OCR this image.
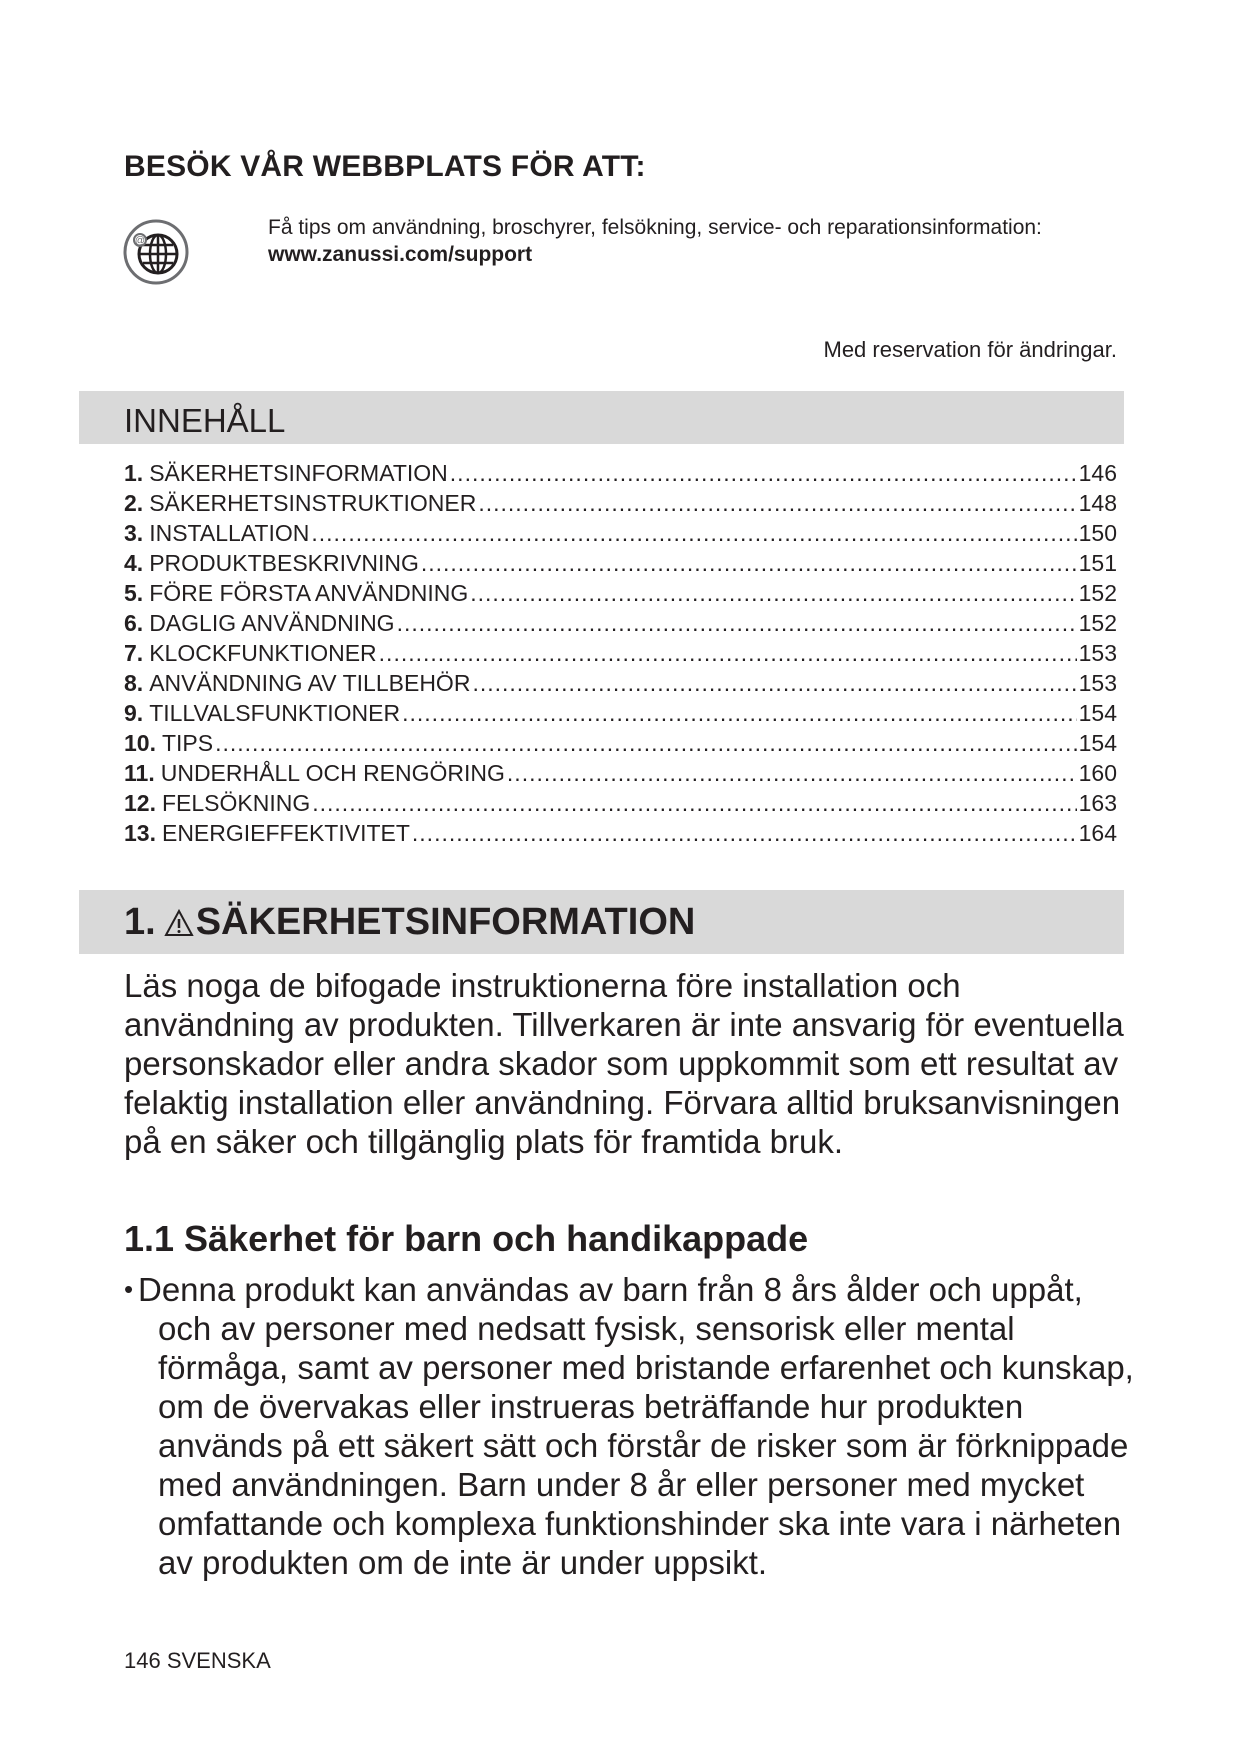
BESÖK VÅR WEBBPLATS FÖR ATT:
@
Få tips om användning, broschyrer, felsökning, service- och reparationsinformation:
www.zanussi.com/support
Med reservation för ändringar.
INNEHÅLL
1. SÄKERHETSINFORMATION .....	146
2. SÄKERHETSINSTRUKTIONER .....	148
3. INSTALLATION .....	150
4. PRODUKTBESKRIVNING .....	151
5. FÖRE FÖRSTA ANVÄNDNING .....	152
6. DAGLIG ANVÄNDNING .....	152
7. KLOCKFUNKTIONER .....	153
8. ANVÄNDNING AV TILLBEHÖR .....	153
9. TILLVALSFUNKTIONER .....	154
10. TIPS .....	154
11. UNDERHÅLL OCH RENGÖRING .....	160
12. FELSÖKNING .....	163
13. ENERGIEFFEKTIVITET .....	164
1. SÄKERHETSINFORMATION

Läs noga de bifogade instruktionerna före installation och användning av produkten. Tillverkaren är inte ansvarig för eventuella personskador eller andra skador som uppkommit som ett resultat av felaktig installation eller användning. Förvara alltid bruksanvisningen på en säker och tillgänglig plats för framtida bruk.

1.1 Säkerhet för barn och handikappade
• Denna produkt kan användas av barn från 8 års ålder och uppåt, och av personer med nedsatt fysisk, sensorisk eller mental förmåga, samt av personer med bristande erfarenhet och kunskap, om de övervakas eller instrueras beträffande hur produkten används på ett säkert sätt och förstår de risker som är förknippade med användningen. Barn under 8 år eller personer med mycket omfattande och komplexa funktionshinder ska inte vara i närheten av produkten om de inte är under uppsikt.
146 SVENSKA
